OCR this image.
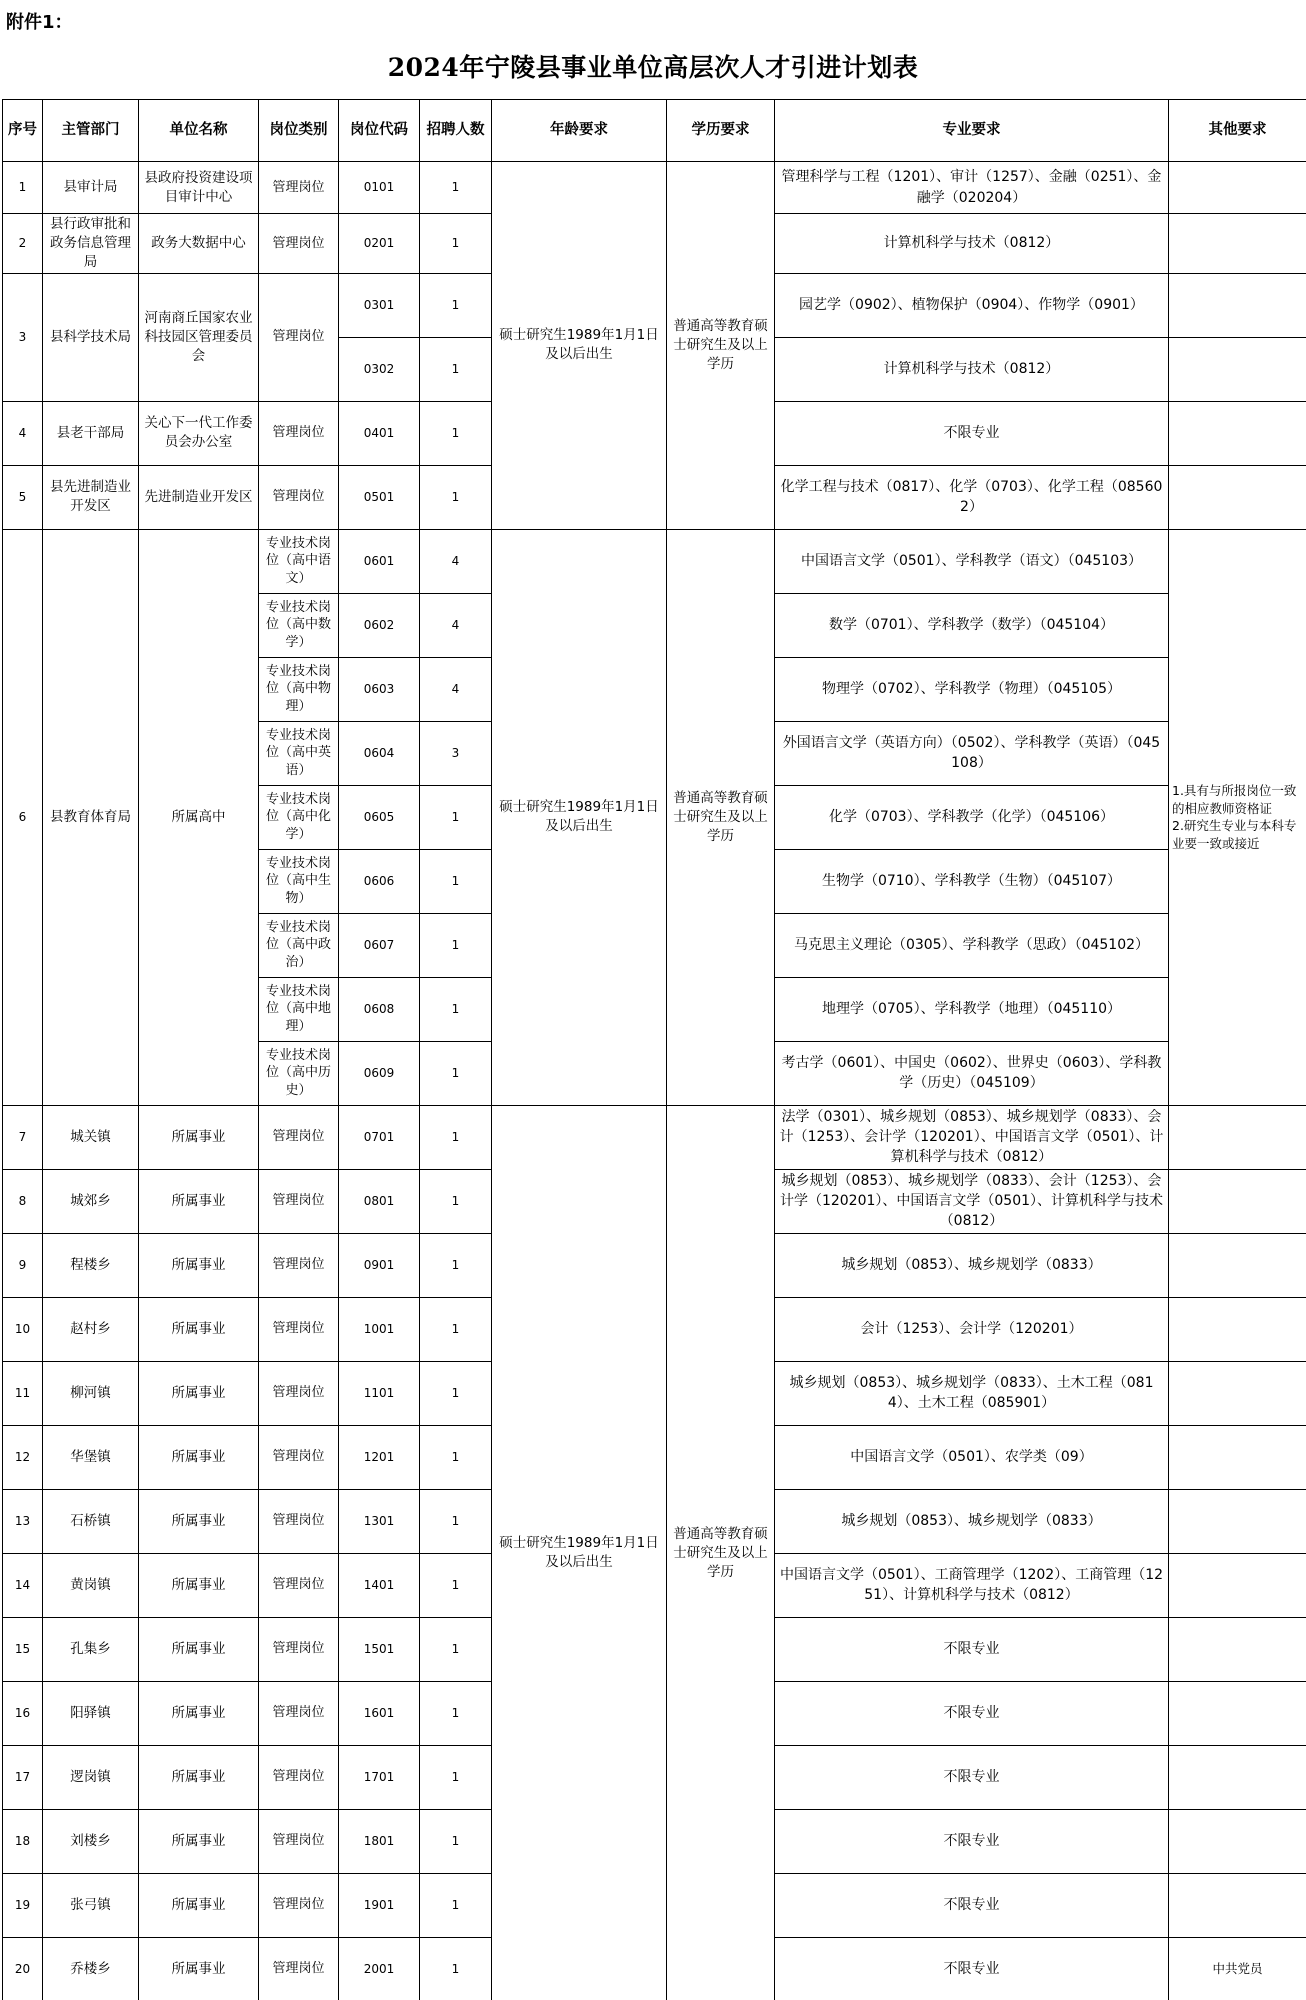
附件1：
2024年宁陵县事业单位高层次人才引进计划表
序号	主管部门	单位名称	岗位类别	岗位代码	招聘人数	年龄要求	学历要求	专业要求	其他要求
1	县审计局	县政府投资建设项目审计中心	管理岗位	0101	1	硕士研究生1989年1月1日及以后出生	普通高等教育硕士研究生及以上学历	管理科学与工程（1201）、审计（1257）、金融（0251）、金融学（020204）	
2	县行政审批和政务信息管理局	政务大数据中心	管理岗位	0201	1			计算机科学与技术（0812）	
3	县科学技术局	河南商丘国家农业科技园区管理委员会	管理岗位	0301	1			园艺学（0902）、植物保护（0904）、作物学（0901）	
				0302	1			计算机科学与技术（0812）	
4	县老干部局	关心下一代工作委员会办公室	管理岗位	0401	1			不限专业	
5	县先进制造业开发区	先进制造业开发区	管理岗位	0501	1			化学工程与技术（0817）、化学（0703）、化学工程（085602）	
6	县教育体育局	所属高中	专业技术岗位（高中语文）	0601	4	硕士研究生1989年1月1日及以后出生	普通高等教育硕士研究生及以上学历	中国语言文学（0501）、学科教学（语文）（045103）	1.具有与所报岗位一致的相应教师资格证
2.研究生专业与本科专业要一致或接近
			专业技术岗位（高中数学）	0602	4			数学（0701）、学科教学（数学）（045104）	
			专业技术岗位（高中物理）	0603	4			物理学（0702）、学科教学（物理）（045105）	
			专业技术岗位（高中英语）	0604	3			外国语言文学（英语方向）（0502）、学科教学（英语）（045108）	
			专业技术岗位（高中化学）	0605	1			化学（0703）、学科教学（化学）（045106）	
			专业技术岗位（高中生物）	0606	1			生物学（0710）、学科教学（生物）（045107）	
			专业技术岗位（高中政治）	0607	1			马克思主义理论（0305）、学科教学（思政）（045102）	
			专业技术岗位（高中地理）	0608	1			地理学（0705）、学科教学（地理）（045110）	
			专业技术岗位（高中历史）	0609	1			考古学（0601）、中国史（0602）、世界史（0603）、学科教学（历史）（045109）	
7	城关镇	所属事业	管理岗位	0701	1	硕士研究生1989年1月1日及以后出生	普通高等教育硕士研究生及以上学历	法学（0301）、城乡规划（0853）、城乡规划学（0833）、会计（1253）、会计学（120201）、中国语言文学（0501）、计算机科学与技术（0812）	
8	城郊乡	所属事业	管理岗位	0801	1			城乡规划（0853）、城乡规划学（0833）、会计（1253）、会计学（120201）、中国语言文学（0501）、计算机科学与技术（0812）	
9	程楼乡	所属事业	管理岗位	0901	1			城乡规划（0853）、城乡规划学（0833）	
10	赵村乡	所属事业	管理岗位	1001	1			会计（1253）、会计学（120201）	
11	柳河镇	所属事业	管理岗位	1101	1			城乡规划（0853）、城乡规划学（0833）、土木工程（0814）、土木工程（085901）	
12	华堡镇	所属事业	管理岗位	1201	1			中国语言文学（0501）、农学类（09）	
13	石桥镇	所属事业	管理岗位	1301	1			城乡规划（0853）、城乡规划学（0833）	
14	黄岗镇	所属事业	管理岗位	1401	1			中国语言文学（0501）、工商管理学（1202）、工商管理（1251）、计算机科学与技术（0812）	
15	孔集乡	所属事业	管理岗位	1501	1			不限专业	
16	阳驿镇	所属事业	管理岗位	1601	1			不限专业	
17	逻岗镇	所属事业	管理岗位	1701	1			不限专业	
18	刘楼乡	所属事业	管理岗位	1801	1			不限专业	
19	张弓镇	所属事业	管理岗位	1901	1			不限专业	
20	乔楼乡	所属事业	管理岗位	2001	1			不限专业	中共党员
